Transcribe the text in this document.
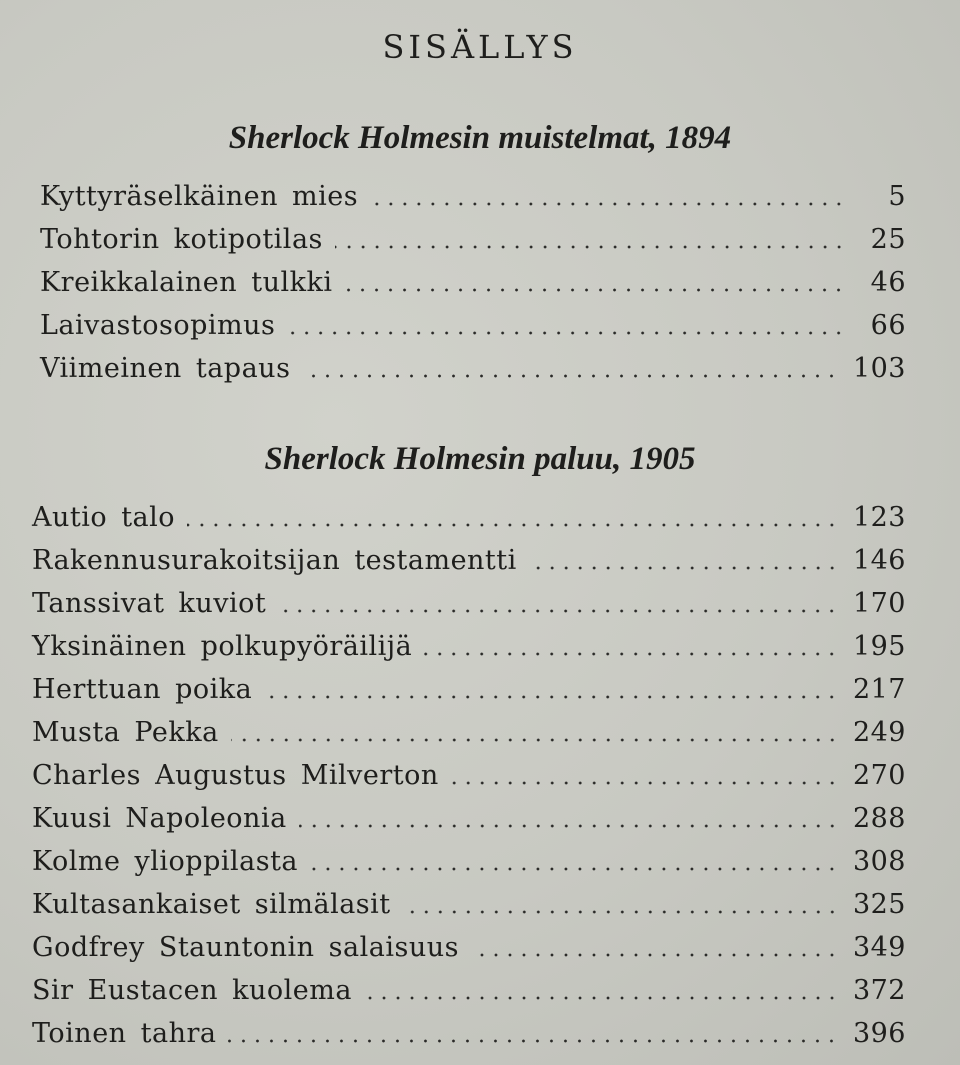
SISÄLLYS
Sherlock Holmesin muistelmat, 1894
Kyttyräselkäinen mies	5
Tohtorin kotipotilas	25
Kreikkalainen tulkki	46
Laivastosopimus	66
Viimeinen tapaus	103
Sherlock Holmesin paluu, 1905
Autio talo	123
Rakennusurakoitsijan testamentti	146
Tanssivat kuviot	170
Yksinäinen polkupyöräilijä	195
Herttuan poika	217
Musta Pekka	249
Charles Augustus Milverton	270
Kuusi Napoleonia	288
Kolme ylioppilasta	308
Kultasankaiset silmälasit	325
Godfrey Stauntonin salaisuus	349
Sir Eustacen kuolema	372
Toinen tahra	396
